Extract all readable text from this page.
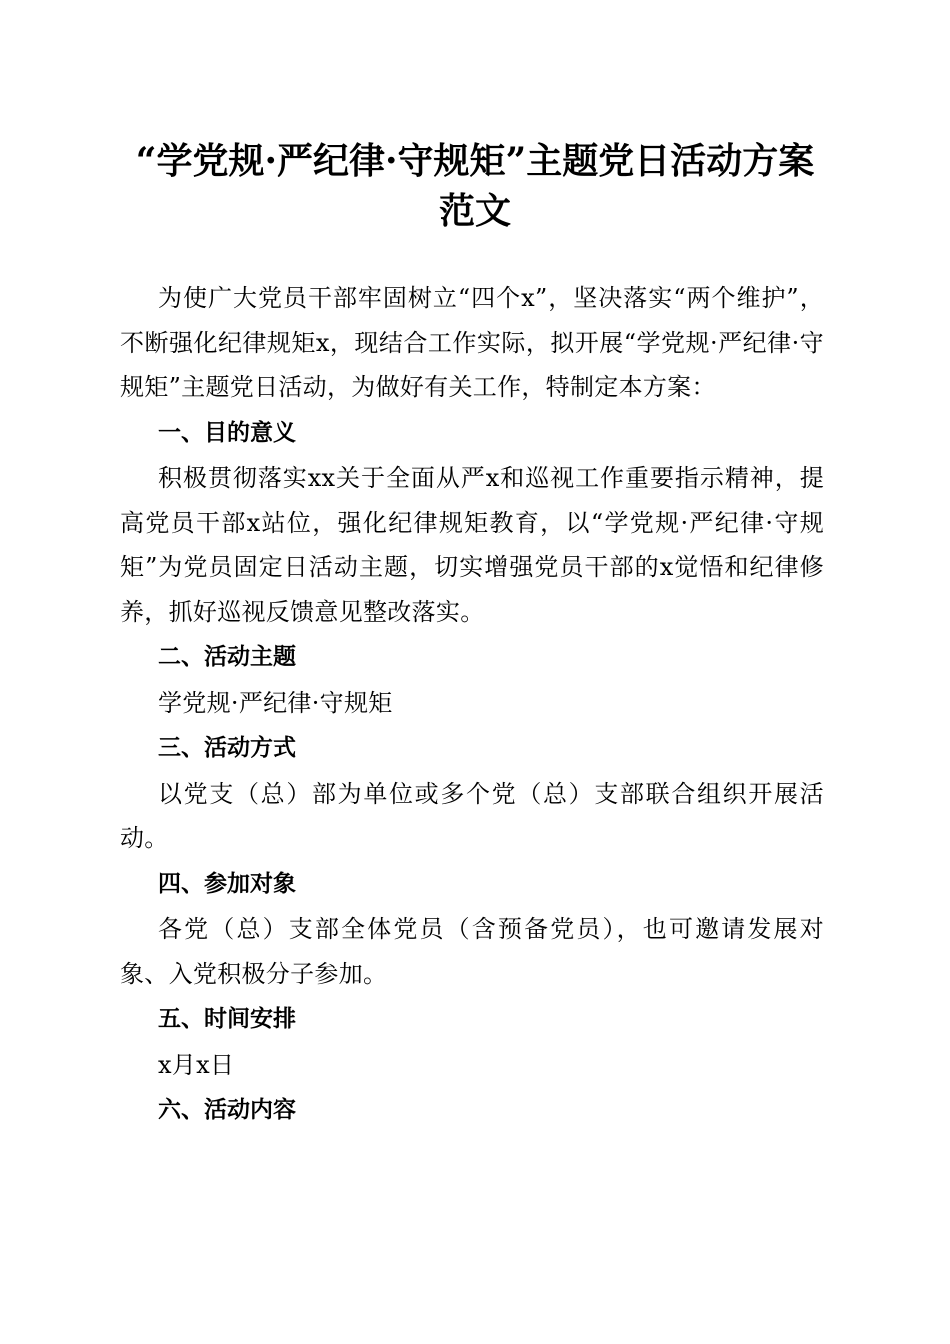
“学党规·严纪律·守规矩”主题党日活动方案范文

为使广大党员干部牢固树立“四个x”，坚决落实“两个维护”，不断强化纪律规矩x，现结合工作实际，拟开展“学党规·严纪律·守规矩”主题党日活动，为做好有关工作，特制定本方案：

一、目的意义

积极贯彻落实xx关于全面从严x和巡视工作重要指示精神，提高党员干部x站位，强化纪律规矩教育，以“学党规·严纪律·守规矩”为党员固定日活动主题，切实增强党员干部的x觉悟和纪律修养，抓好巡视反馈意见整改落实。

二、活动主题

学党规·严纪律·守规矩

三、活动方式

以党支（总）部为单位或多个党（总）支部联合组织开展活动。

四、参加对象

各党（总）支部全体党员（含预备党员），也可邀请发展对象、入党积极分子参加。

五、时间安排

x月x日

六、活动内容
